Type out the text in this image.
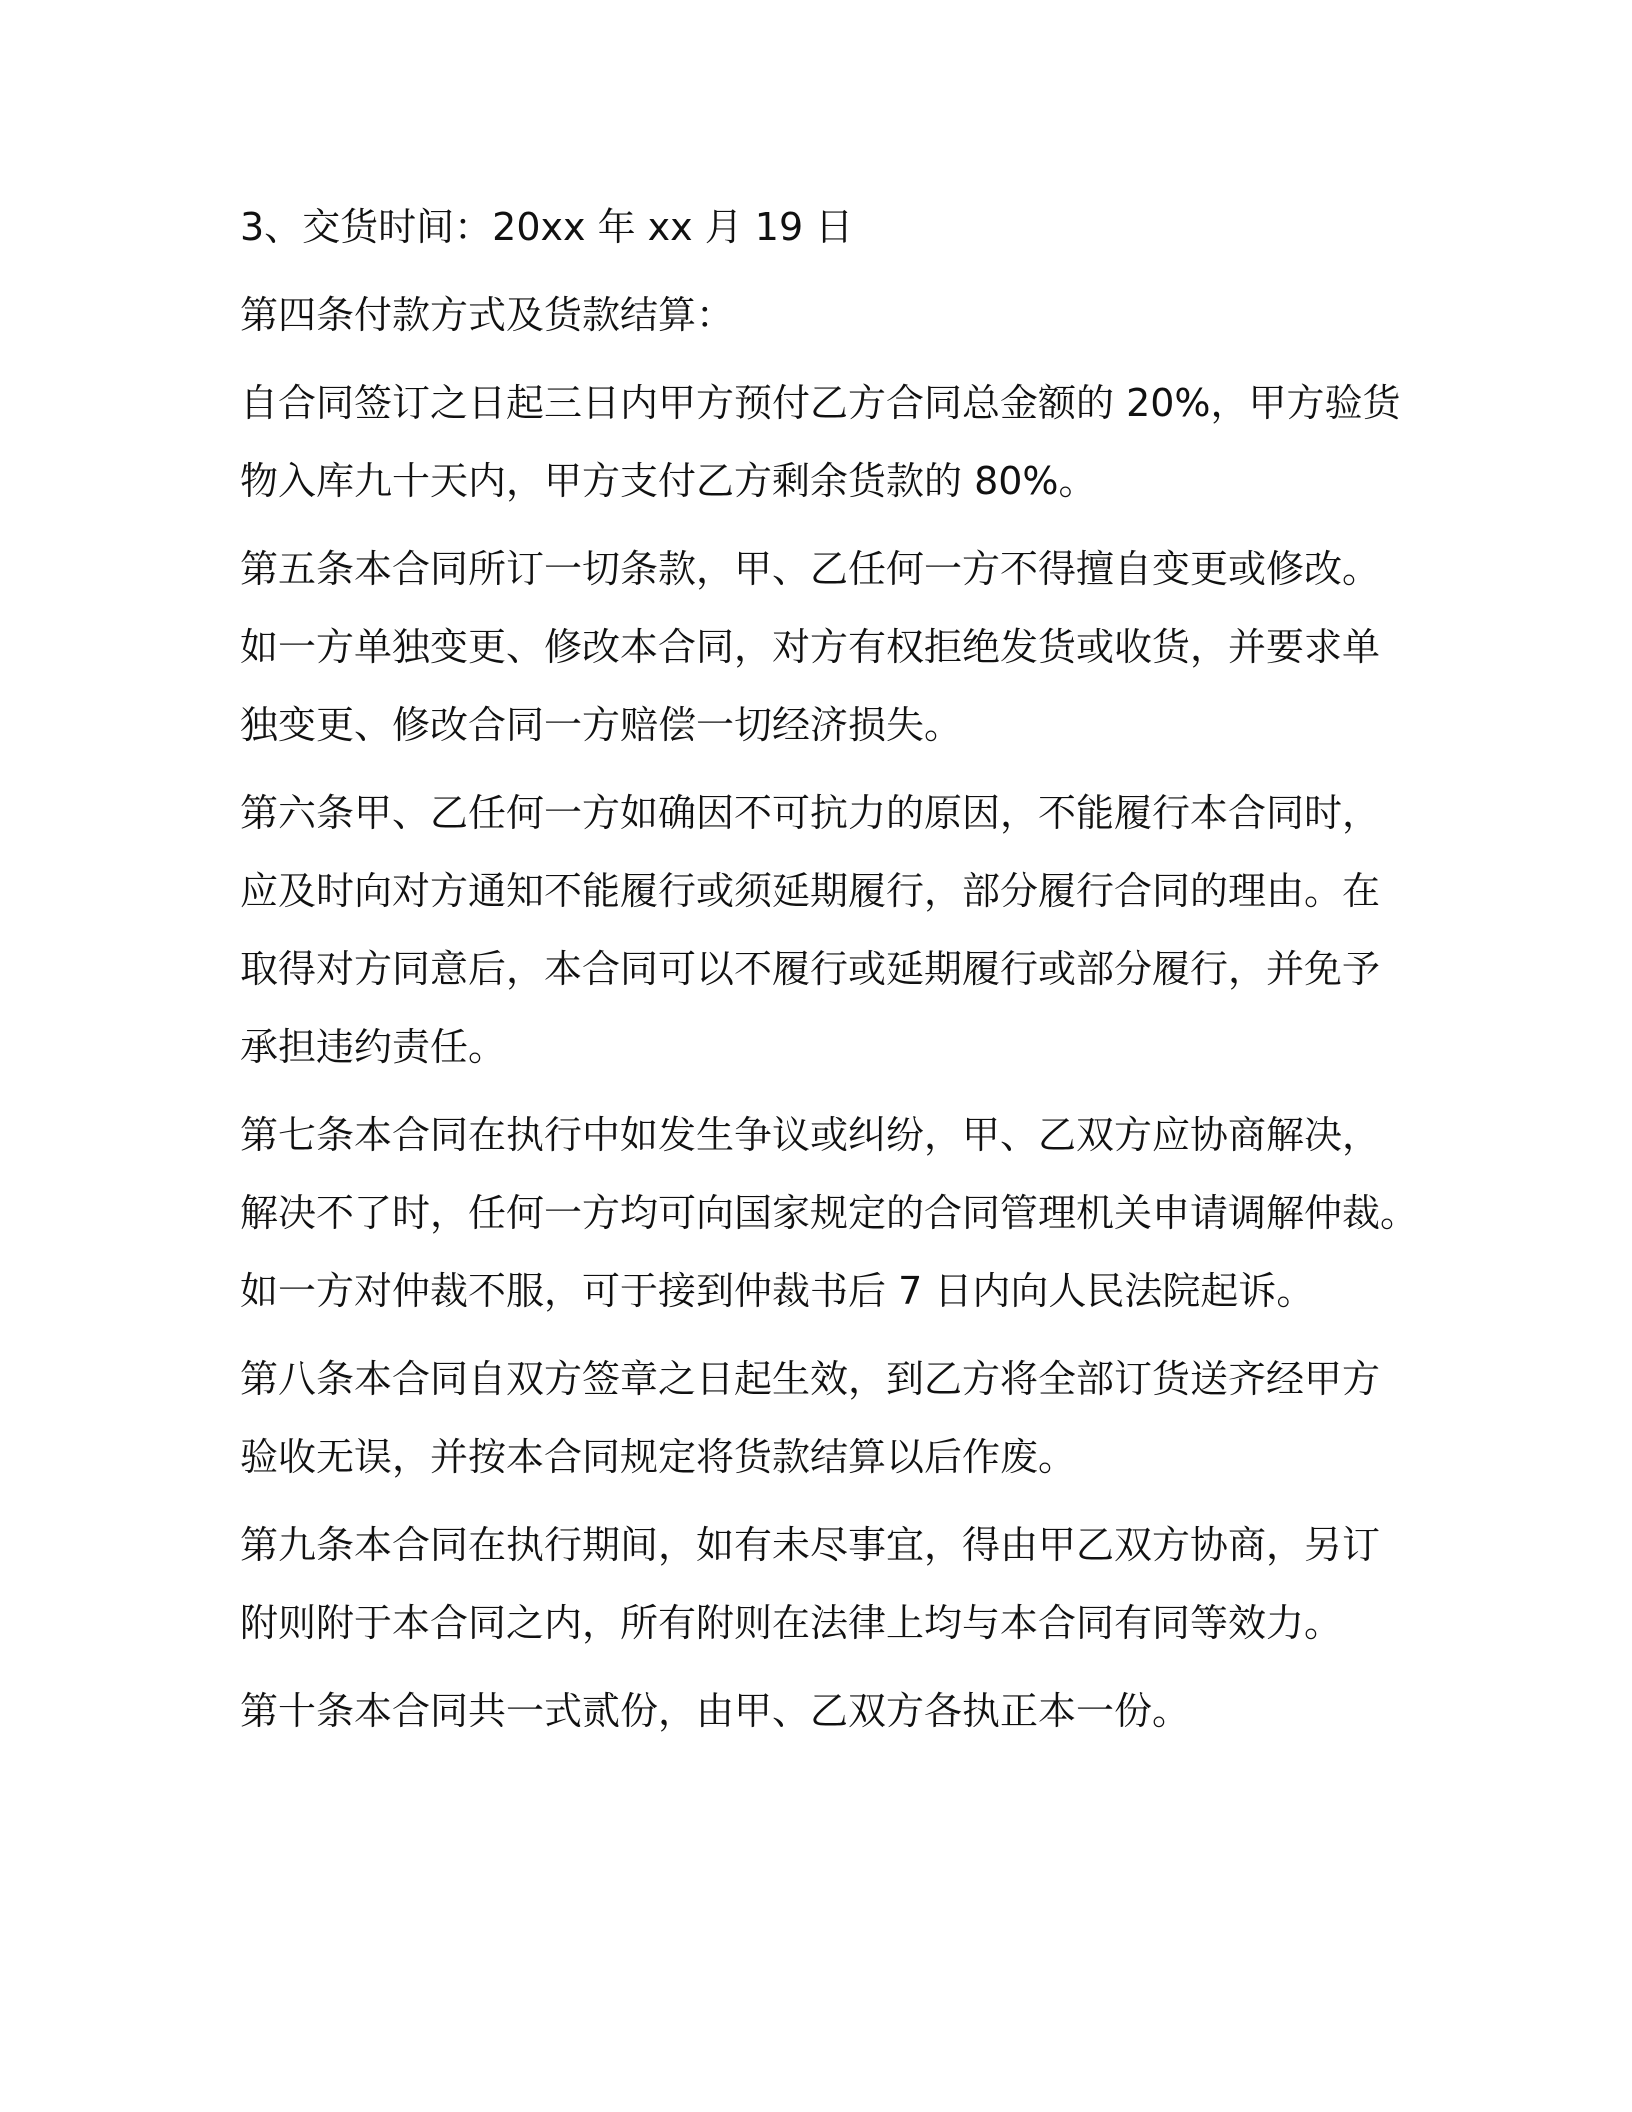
3、交货时间：20xx 年 xx 月 19 日
第四条付款方式及货款结算：
自合同签订之日起三日内甲方预付乙方合同总金额的 20%，甲方验货
物入库九十天内，甲方支付乙方剩余货款的 80%。
第五条本合同所订一切条款，甲、乙任何一方不得擅自变更或修改。
如一方单独变更、修改本合同，对方有权拒绝发货或收货，并要求单
独变更、修改合同一方赔偿一切经济损失。
第六条甲、乙任何一方如确因不可抗力的原因，不能履行本合同时，
应及时向对方通知不能履行或须延期履行，部分履行合同的理由。在
取得对方同意后，本合同可以不履行或延期履行或部分履行，并免予
承担违约责任。
第七条本合同在执行中如发生争议或纠纷，甲、乙双方应协商解决，
解决不了时，任何一方均可向国家规定的合同管理机关申请调解仲裁。
如一方对仲裁不服，可于接到仲裁书后 7 日内向人民法院起诉。
第八条本合同自双方签章之日起生效，到乙方将全部订货送齐经甲方
验收无误，并按本合同规定将货款结算以后作废。
第九条本合同在执行期间，如有未尽事宜，得由甲乙双方协商，另订
附则附于本合同之内，所有附则在法律上均与本合同有同等效力。
第十条本合同共一式贰份，由甲、乙双方各执正本一份。
